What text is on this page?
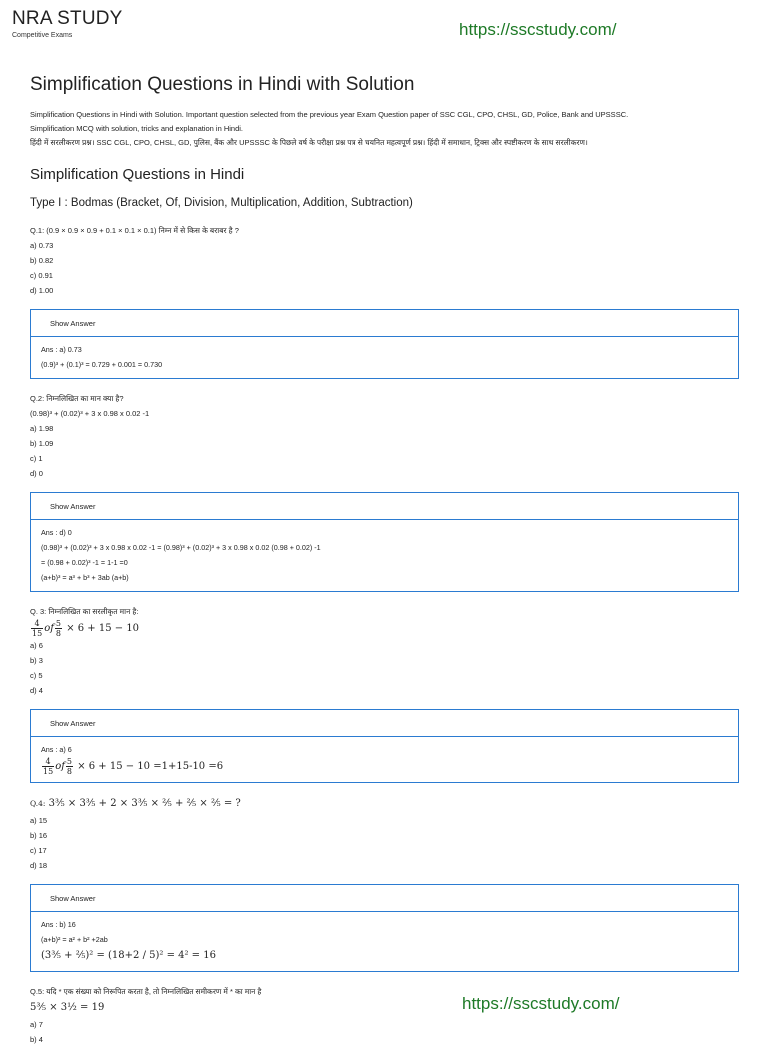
NRA STUDY
Competitive Exams	https://sscstudy.com/
Simplification Questions in Hindi with Solution
Simplification Questions in Hindi with Solution. Important question selected from the previous year Exam Question paper of SSC CGL, CPO, CHSL, GD, Police, Bank and UPSSSC.
Simplification MCQ with solution, tricks and explanation in Hindi.
हिंदी में सरलीकरण प्रश्न। SSC CGL, CPO, CHSL, GD, पुलिस, बैंक और UPSSSC के पिछले वर्ष के परीक्षा प्रश्न पत्र से चयनित महत्वपूर्ण प्रश्न। हिंदी में समाधान, ट्रिक्स और स्पष्टीकरण के साथ सरलीकरण।
Simplification Questions in Hindi
Type I : Bodmas (Bracket, Of, Division, Multiplication, Addition, Subtraction)
Q.1: (0.9 × 0.9 × 0.9 + 0.1 × 0.1 × 0.1) निम्न में से किस के बराबर है ?
a) 0.73
b) 0.82
c) 0.91
d) 1.00
Show Answer
Ans : a) 0.73
(0.9)³ + (0.1)³ = 0.729 + 0.001 = 0.730
Q.2: निम्नलिखित का मान क्या है?
(0.98)³ + (0.02)³ + 3 x 0.98 x 0.02 -1
a) 1.98
b) 1.09
c) 1
d) 0
Show Answer
Ans : d) 0
(0.98)³ + (0.02)³ + 3 x 0.98 x 0.02 -1 = (0.98)³ + (0.02)³ + 3 x 0.98 x 0.02 (0.98 + 0.02) -1
= (0.98 + 0.02)³ -1 = 1-1 =0
(a+b)³ = a³ + b³ + 3ab (a+b)
Q. 3: निम्नलिखित का सरलीकृत मान है:
$\frac{4}{15}$ of $\frac{5}{8} \times 6 + 15 - 10$
a) 6
b) 3
c) 5
d) 4
Show Answer
Ans : a) 6
$\frac{4}{15}$ of $\frac{5}{8} \times 6 + 15 - 10 =1+15-10 =6$
Q.4: 3⅗ × 3⅗ + 2 × 3⅗ × ⅖ + ⅖ × ⅖ = ?
a) 15
b) 16
c) 17
d) 18
Show Answer
Ans : b) 16
(a+b)² = a² + b² +2ab
(3⅗ + ⅖)² = (18+2 / 5)² = 4² = 16
Q.5: यदि * एक संख्या को निरूपित करता है, तो निम्नलिखित समीकरण में * का मान है
5⅗ × 3½ = 19
a) 7
b) 4
https://sscstudy.com/
